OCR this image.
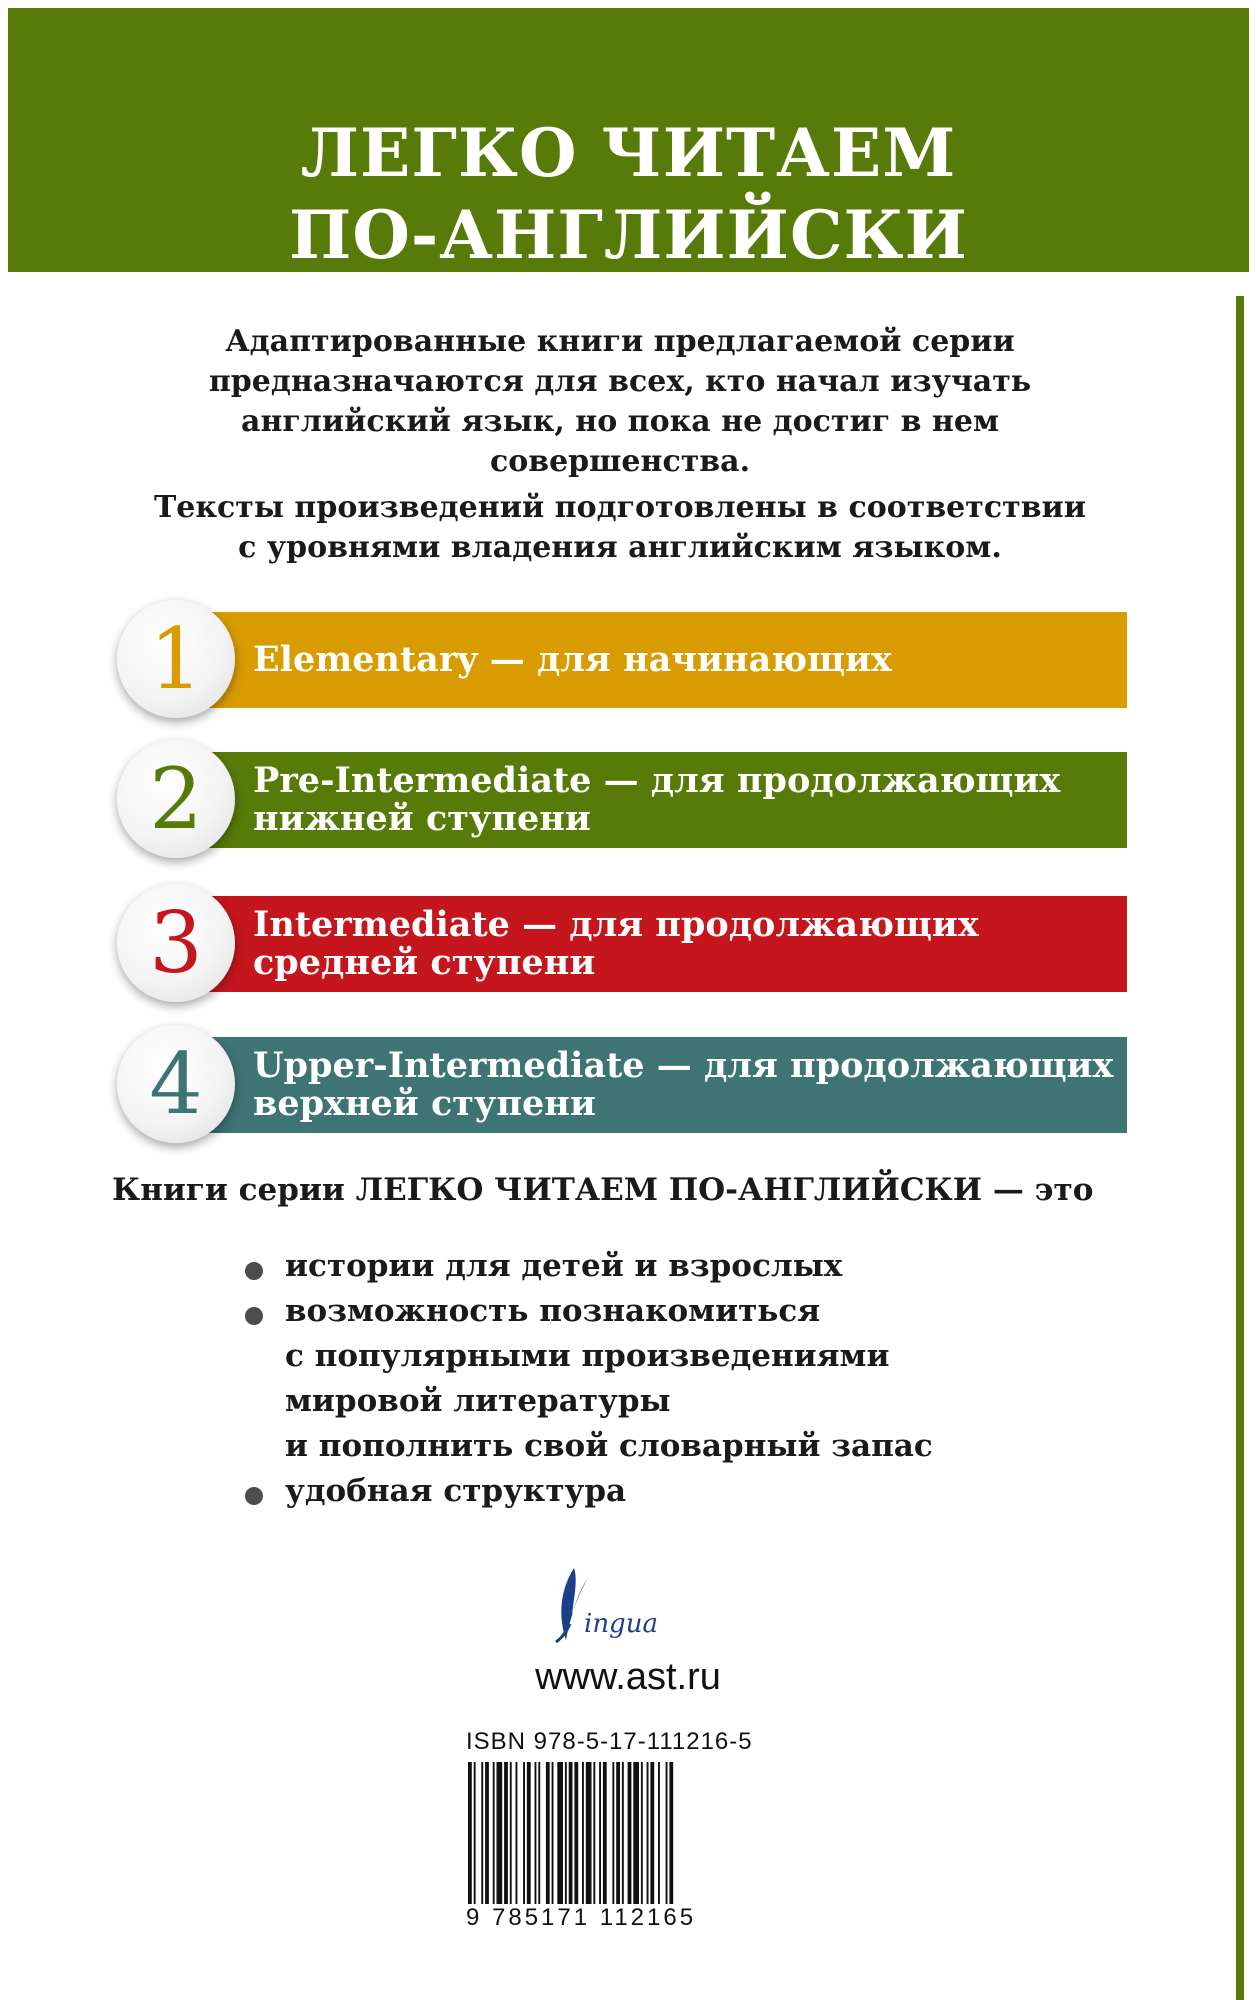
ЛЕГКО ЧИТАЕМ
ПО-АНГЛИЙСКИ
Адаптированные книги предлагаемой серии
предназначаются для всех, кто начал изучать
английский язык, но пока не достиг в нем
совершенства.
Тексты произведений подготовлены в соответствии
с уровнями владения английским языком.
Elementary — для начинающих
1
Pre-Intermediate — для продолжающих
нижней ступени
2
Intermediate — для продолжающих
средней ступени
3
Upper-Intermediate — для продолжающих
верхней ступени
4
Книги серии ЛЕГКО ЧИТАЕМ ПО-АНГЛИЙСКИ — это
истории для детей и взрослых
возможность познакомиться
с популярными произведениями
мировой литературы
и пополнить свой словарный запас
удобная структура
ingua
www.ast.ru
ISBN 978-5-17-111216-5
9 785171 112165
